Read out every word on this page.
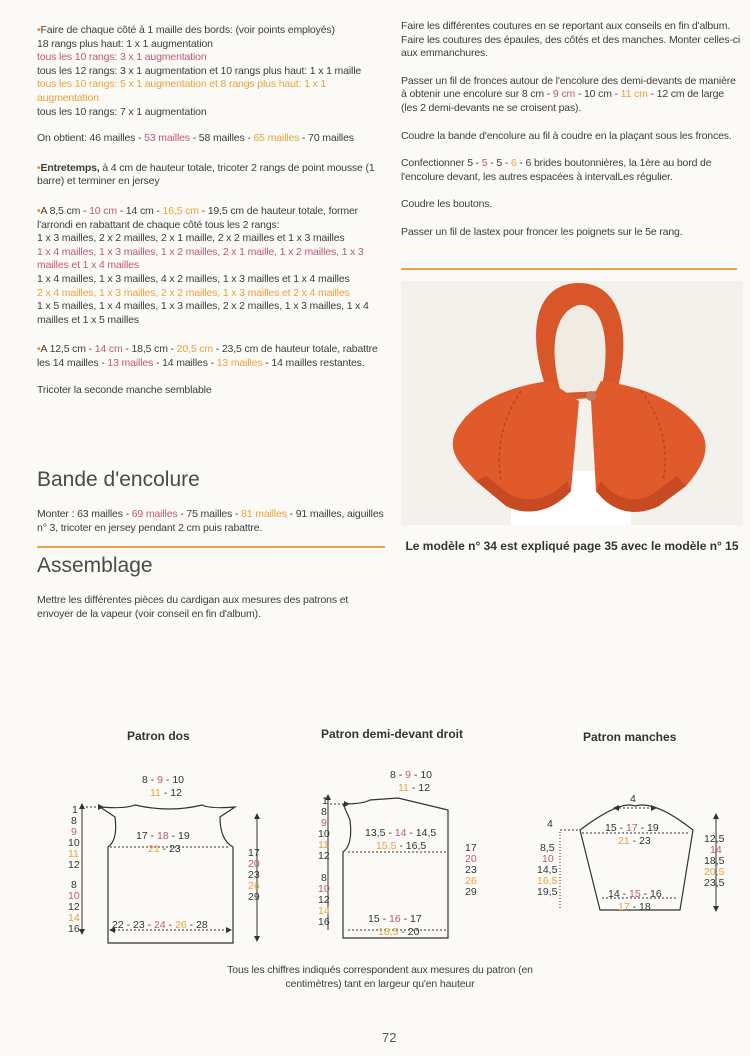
•Faire de chaque côté à 1 maille des bords: (voir points employés)
18 rangs plus haut: 1 x 1 augmentation
tous les 10 rangs: 3 x 1 augmentation
tous les 12 rangs: 3 x 1 augmentation et 10 rangs plus haut: 1 x 1 maille
tous les 10 rangs: 5 x 1 augmentation et 8 rangs plus haut: 1 x 1 augmentation
tous les 10 rangs: 7 x 1 augmentation

On obtient: 46 mailles - 53 mailles - 58 mailles - 65 mailles - 70 mailles

•Entretemps, à 4 cm de hauteur totale, tricoter 2 rangs de point mousse (1 barre) et terminer en jersey

•A 8,5 cm - 10 cm - 14 cm - 16,5 cm - 19,5 cm de hauteur totale, former l'arrondi en rabattant de chaque côté tous les 2 rangs:
1 x 3 mailles, 2 x 2 mailles, 2 x 1 maille, 2 x 2 mailles et 1 x 3 mailles
1 x 4 mailles, 1 x 3 mailles, 1 x 2 mailles, 2 x 1 maille, 1 x 2 mailles, 1 x 3 mailles et 1 x 4 mailles
1 x 4 mailles, 1 x 3 mailles, 4 x 2 mailles, 1 x 3 mailles et 1 x 4 mailles
2 x 4 mailles, 1 x 3 mailles, 2 x 2 mailles, 1 x 3 mailles et 2 x 4 mailles
1 x 5 mailles, 1 x 4 mailles, 1 x 3 mailles, 2 x 2 mailles, 1 x 3 mailles, 1 x 4 mailles et 1 x 5 mailles

•A 12,5 cm - 14 cm - 18,5 cm - 20,5 cm - 23,5 cm de hauteur totale, rabattre les 14 mailles - 13 mailles - 14 mailles - 13 mailles - 14 mailles restantes.

Tricoter la seconde manche semblable

Bande d'encolure
Monter : 63 mailles - 69 mailles - 75 mailles - 81 mailles - 91 mailles, aiguilles n° 3, tricoter en jersey pendant 2 cm puis rabattre.
Assemblage
Mettre les différentes pièces du cardigan aux mesures des patrons et envoyer de la vapeur (voir conseil en fin d'album).

Faire les différentes coutures en se reportant aux conseils en fin d'album. Faire les coutures des épaules, des côtés et des manches. Monter celles-ci aux emmanchures.

Passer un fil de fronces autour de l'encolure des demi-devants de manière à obtenir une encolure sur 8 cm - 9 cm - 10 cm - 11 cm - 12 cm de large (les 2 demi-devants ne se croisent pas).

Coudre la bande d'encolure au fil à coudre en la plaçant sous les fronces.

Confectionner 5 - 5 - 5 - 6 - 6 brides boutonnières, la 1ère au bord de l'encolure devant, les autres espacées à intervalLes régulier.

Coudre les boutons.

Passer un fil de lastex pour froncer les poignets sur le 5e rang.

Le modèle n° 34 est expliqué page 35 avec le modèle n° 15
Patron dos	Patron demi-devant droit	Patron manches
8 - 9 - 10
11 - 12
17 - 18 - 19
21 - 23
22 - 23 - 24 - 26 - 28
1
8
9
10
11
12
8
10
12
14
16
17
20
23
26
29
8 - 9 - 10
11 - 12
13,5 - 14 - 14,5
15,5 - 16,5
15 - 16 - 17
18,5 - 20
1
8
9
10
11
12
8
10
12
14
16
17
20
23
26
29
4
4	15 - 17 - 19
21 - 23
14 - 15 - 16
17 - 18
8,5
10
14,5
16,5
19,5
12,5
14
18,5
20,5
23,5
Tous les chiffres indiqués correspondent aux mesures du patron (en centimètres) tant en largeur qu'en hauteur
72
